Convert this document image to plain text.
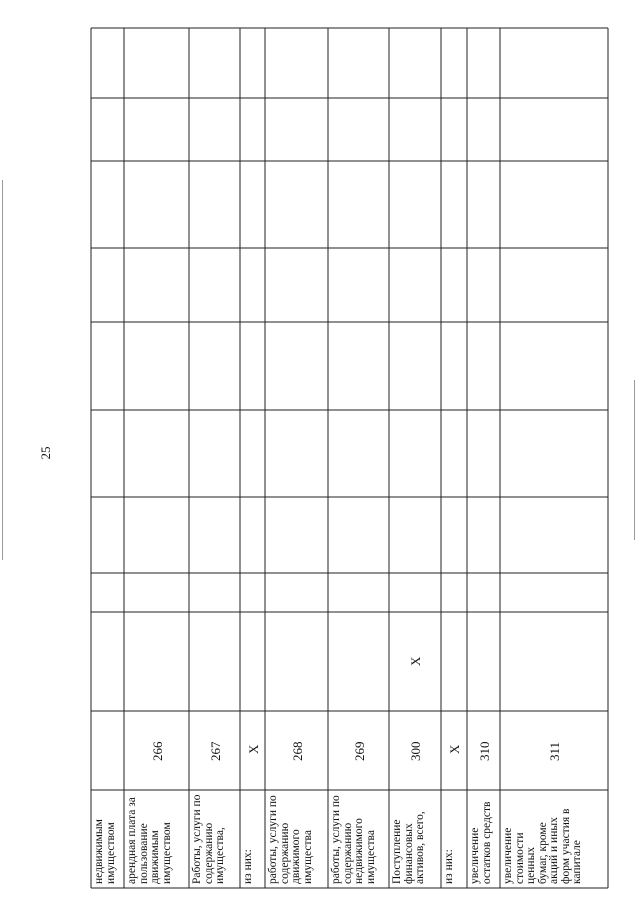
25
недвижимым
имуществом арендная плата за
пользование
движимым
имуществом
266
Работы, услуги по
содержанию
имущества,
267
из них:
X
работы, услуги по
содержанию
движимого
имущества
268
работы, услуги по
содержанию
недвижимого
имущества
269
Поступление
финансовых
активов, всего,
300
X
из них:
X
увеличение
остатков средств
310
увеличение
стоимости ценных
бумаг, кроме
акций и иных
форм участия в
капитале
311
